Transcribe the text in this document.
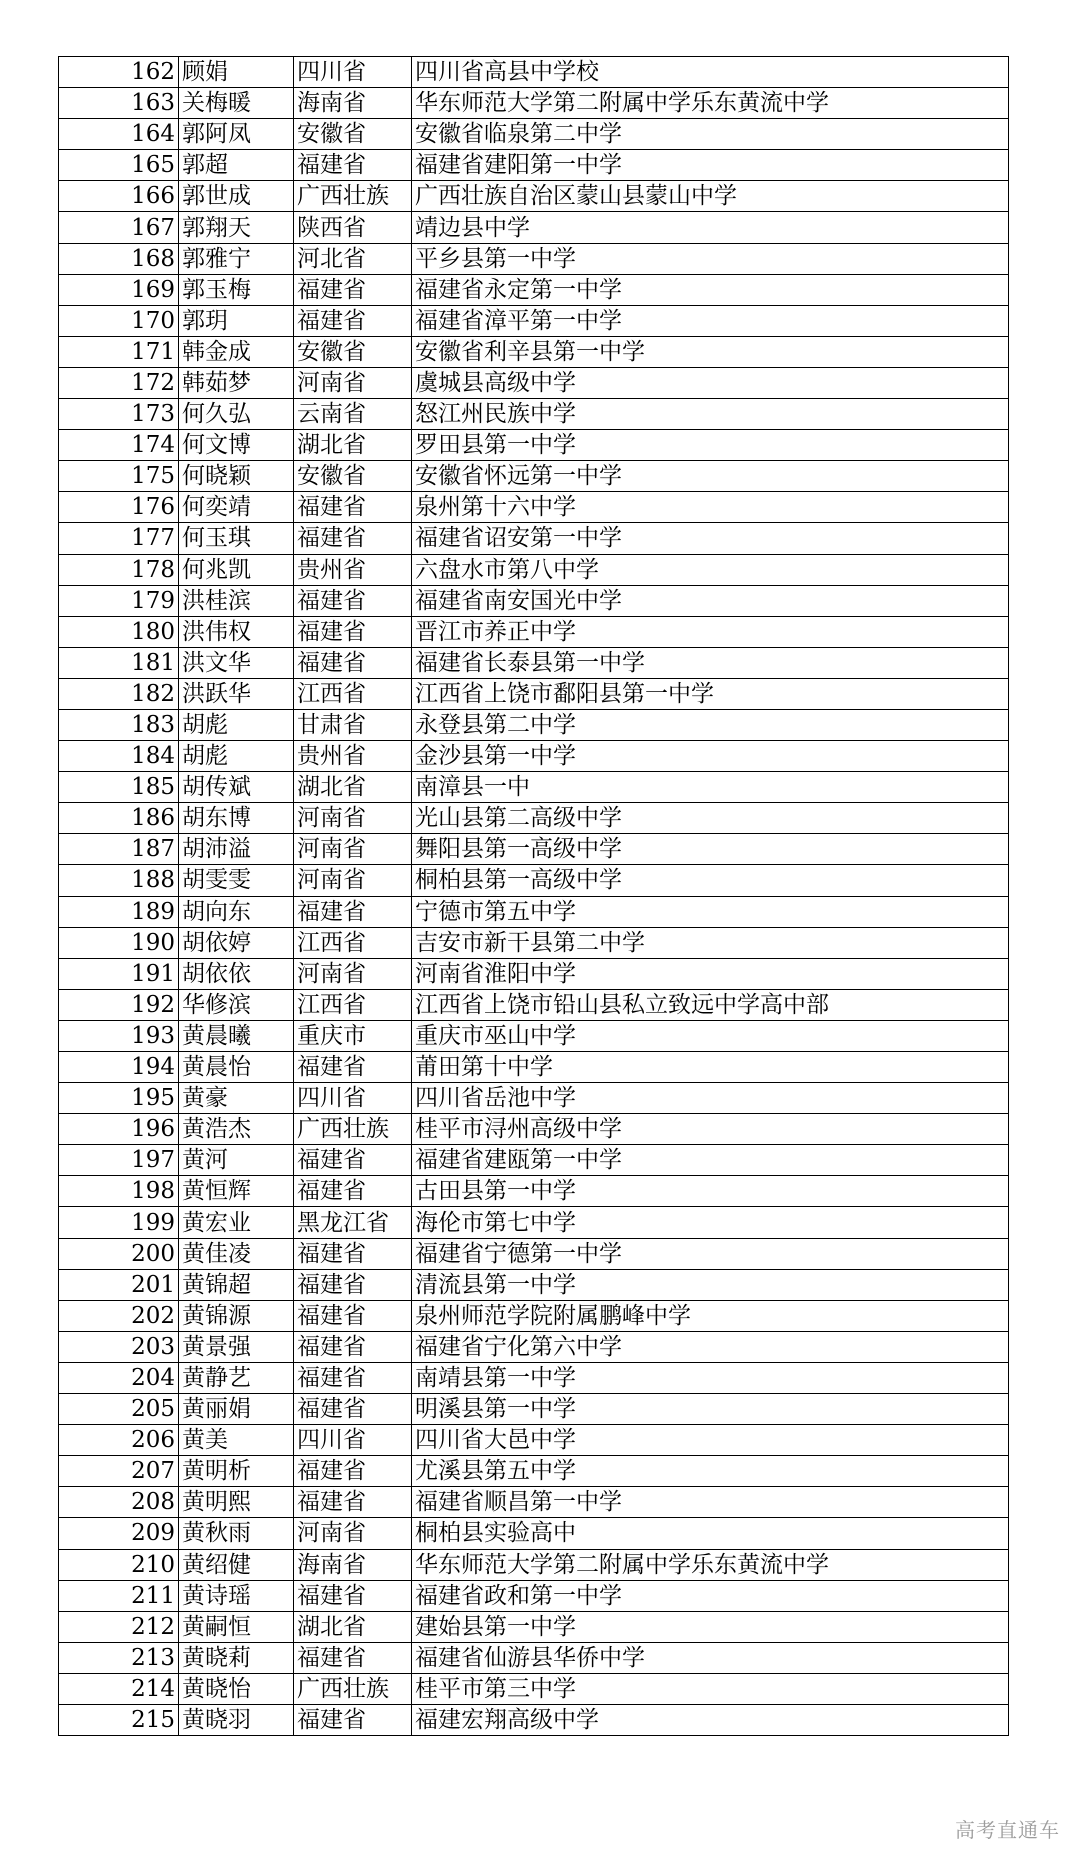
162	顾娟	四川省	四川省高县中学校
163	关梅暖	海南省	华东师范大学第二附属中学乐东黄流中学
164	郭阿凤	安徽省	安徽省临泉第二中学
165	郭超	福建省	福建省建阳第一中学
166	郭世成	广西壮族	广西壮族自治区蒙山县蒙山中学
167	郭翔天	陕西省	靖边县中学
168	郭雅宁	河北省	平乡县第一中学
169	郭玉梅	福建省	福建省永定第一中学
170	郭玥	福建省	福建省漳平第一中学
171	韩金成	安徽省	安徽省利辛县第一中学
172	韩茹梦	河南省	虞城县高级中学
173	何久弘	云南省	怒江州民族中学
174	何文博	湖北省	罗田县第一中学
175	何晓颖	安徽省	安徽省怀远第一中学
176	何奕靖	福建省	泉州第十六中学
177	何玉琪	福建省	福建省诏安第一中学
178	何兆凯	贵州省	六盘水市第八中学
179	洪桂滨	福建省	福建省南安国光中学
180	洪伟权	福建省	晋江市养正中学
181	洪文华	福建省	福建省长泰县第一中学
182	洪跃华	江西省	江西省上饶市鄱阳县第一中学
183	胡彪	甘肃省	永登县第二中学
184	胡彪	贵州省	金沙县第一中学
185	胡传斌	湖北省	南漳县一中
186	胡东博	河南省	光山县第二高级中学
187	胡沛溢	河南省	舞阳县第一高级中学
188	胡雯雯	河南省	桐柏县第一高级中学
189	胡向东	福建省	宁德市第五中学
190	胡依婷	江西省	吉安市新干县第二中学
191	胡依依	河南省	河南省淮阳中学
192	华修滨	江西省	江西省上饶市铅山县私立致远中学高中部
193	黄晨曦	重庆市	重庆市巫山中学
194	黄晨怡	福建省	莆田第十中学
195	黄豪	四川省	四川省岳池中学
196	黄浩杰	广西壮族	桂平市浔州高级中学
197	黄河	福建省	福建省建瓯第一中学
198	黄恒辉	福建省	古田县第一中学
199	黄宏业	黑龙江省	海伦市第七中学
200	黄佳凌	福建省	福建省宁德第一中学
201	黄锦超	福建省	清流县第一中学
202	黄锦源	福建省	泉州师范学院附属鹏峰中学
203	黄景强	福建省	福建省宁化第六中学
204	黄静艺	福建省	南靖县第一中学
205	黄丽娟	福建省	明溪县第一中学
206	黄美	四川省	四川省大邑中学
207	黄明析	福建省	尤溪县第五中学
208	黄明熙	福建省	福建省顺昌第一中学
209	黄秋雨	河南省	桐柏县实验高中
210	黄绍健	海南省	华东师范大学第二附属中学乐东黄流中学
211	黄诗瑶	福建省	福建省政和第一中学
212	黄嗣恒	湖北省	建始县第一中学
213	黄晓莉	福建省	福建省仙游县华侨中学
214	黄晓怡	广西壮族	桂平市第三中学
215	黄晓羽	福建省	福建宏翔高级中学
高考直通车
